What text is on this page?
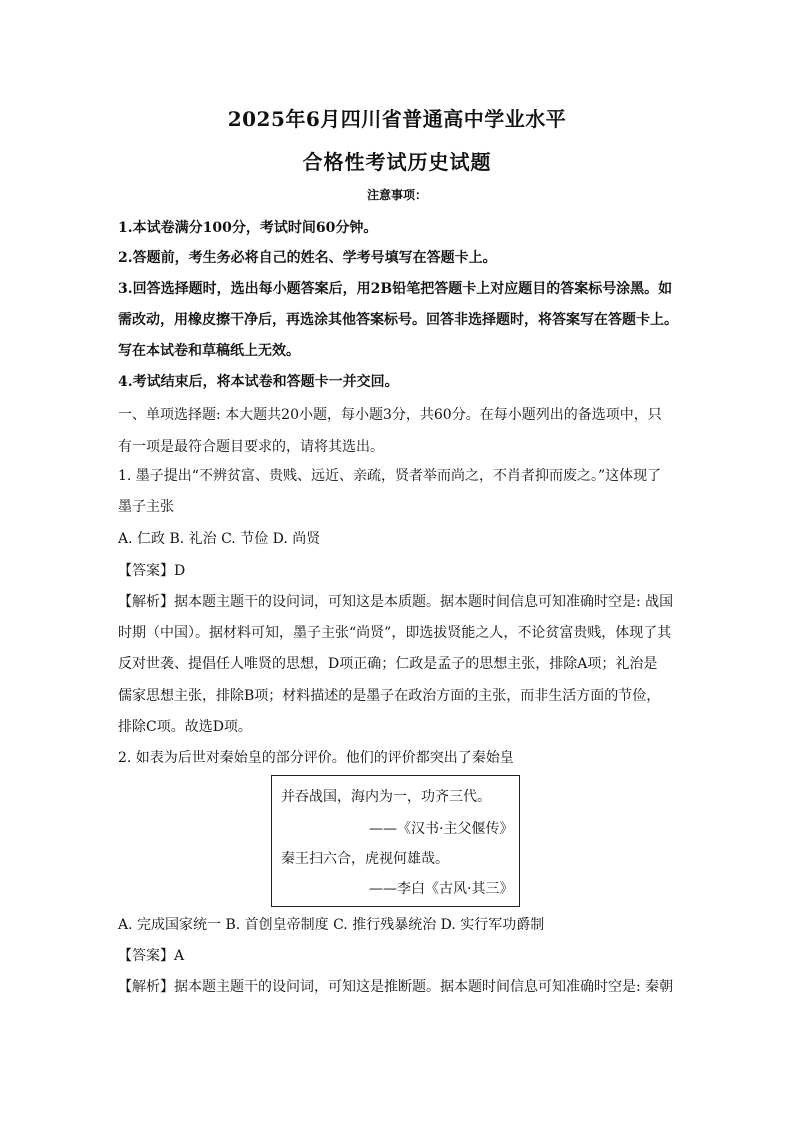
2025年6月四川省普通高中学业水平
合格性考试历史试题
注意事项：
1.本试卷满分100分，考试时间60分钟。
2.答题前，考生务必将自己的姓名、学考号填写在答题卡上。
3.回答选择题时，选出每小题答案后，用2B铅笔把答题卡上对应题目的答案标号涂黑。如
需改动，用橡皮擦干净后，再选涂其他答案标号。回答非选择题时，将答案写在答题卡上。
写在本试卷和草稿纸上无效。
4.考试结束后，将本试卷和答题卡一并交回。
一、单项选择题: 本大题共20小题，每小题3分，共60分。在每小题列出的备选项中，只
有一项是最符合题目要求的，请将其选出。
1. 墨子提出“不辨贫富、贵贱、远近、亲疏，贤者举而尚之，不肖者抑而废之。”这体现了
墨子主张
A. 仁政 B. 礼治 C. 节俭 D. 尚贤
【答案】D
【解析】据本题主题干的设问词，可知这是本质题。据本题时间信息可知准确时空是: 战国
时期（中国）。据材料可知，墨子主张“尚贤”，即选拔贤能之人，不论贫富贵贱，体现了其
反对世袭、提倡任人唯贤的思想，D项正确；仁政是孟子的思想主张，排除A项；礼治是
儒家思想主张，排除B项；材料描述的是墨子在政治方面的主张，而非生活方面的节俭，
排除C项。故选D项。
2. 如表为后世对秦始皇的部分评价。他们的评价都突出了秦始皇
并吞战国，海内为一，功齐三代。
——《汉书·主父偃传》
秦王扫六合，虎视何雄哉。
——李白《古风·其三》
A. 完成国家统一 B. 首创皇帝制度 C. 推行残暴统治 D. 实行军功爵制
【答案】A
【解析】据本题主题干的设问词，可知这是推断题。据本题时间信息可知准确时空是: 秦朝
